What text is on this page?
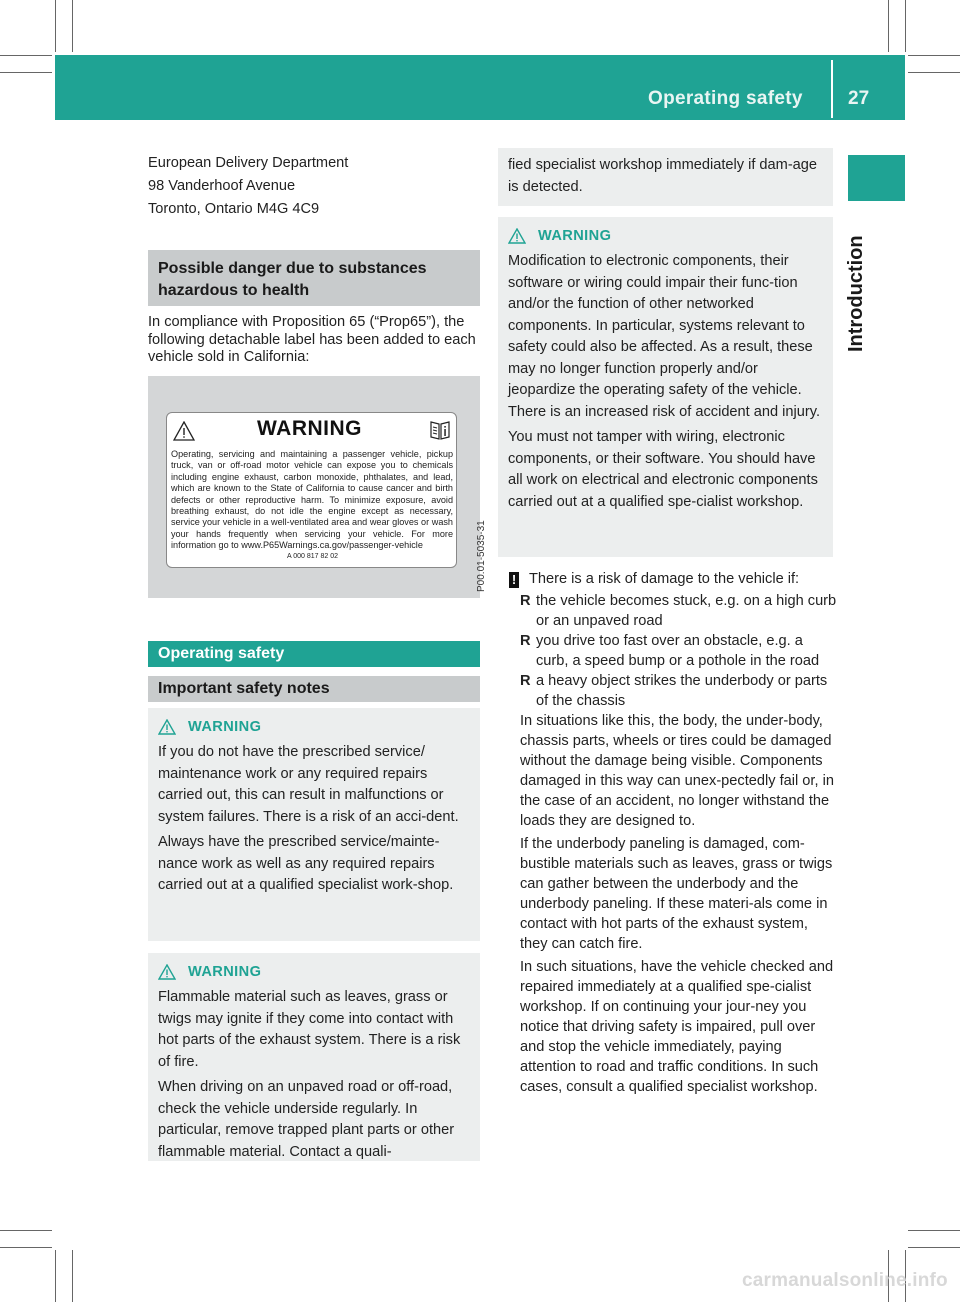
Operating safety 27
Introduction
European Delivery Department
98 Vanderhoof Avenue
Toronto, Ontario M4G 4C9
Possible danger due to substances
hazardous to health
In compliance with Proposition 65 (“Prop65”), the following detachable label has been added to each vehicle sold in California:
WARNING
Operating, servicing and maintaining a passenger vehicle, pickup truck, van or off-road motor vehicle can expose you to chemicals including engine exhaust, carbon monoxide, phthalates, and lead, which are known to the State of California to cause cancer and birth defects or other reproductive harm. To minimize exposure, avoid breathing exhaust, do not idle the engine except as necessary, service your vehicle in a well-ventilated area and wear gloves or wash your hands frequently when servicing your vehicle. For more information go to www.P65Warnings.ca.gov/passenger-vehicle
A 000 817 82 02	P00.01-5035-31
Operating safety
Important safety notes
WARNING
If you do not have the prescribed service/ maintenance work or any required repairs carried out, this can result in malfunctions or system failures. There is a risk of an acci-dent.
Always have the prescribed service/mainte-nance work as well as any required repairs carried out at a qualified specialist work-shop.
WARNING
Flammable material such as leaves, grass or twigs may ignite if they come into contact with hot parts of the exhaust system. There is a risk of fire.
When driving on an unpaved road or off-road, check the vehicle underside regularly. In particular, remove trapped plant parts or other flammable material. Contact a quali-
fied specialist workshop immediately if dam-age is detected.
WARNING
Modification to electronic components, their software or wiring could impair their func-tion and/or the function of other networked components. In particular, systems relevant to safety could also be affected. As a result, these may no longer function properly and/or jeopardize the operating safety of the vehicle. There is an increased risk of accident and injury.
You must not tamper with wiring, electronic components, or their software. You should have all work on electrical and electronic components carried out at a qualified spe-cialist workshop.
! There is a risk of damage to the vehicle if:
R the vehicle becomes stuck, e.g. on a high curb or an unpaved road
R you drive too fast over an obstacle, e.g. a curb, a speed bump or a pothole in the road
R a heavy object strikes the underbody or parts of the chassis
In situations like this, the body, the under-body, chassis parts, wheels or tires could be damaged without the damage being visible. Components damaged in this way can unex-pectedly fail or, in the case of an accident, no longer withstand the loads they are designed to.
If the underbody paneling is damaged, com-bustible materials such as leaves, grass or twigs can gather between the underbody and the underbody paneling. If these materi-als come in contact with hot parts of the exhaust system, they can catch fire.
In such situations, have the vehicle checked and repaired immediately at a qualified spe-cialist workshop. If on continuing your jour-ney you notice that driving safety is impaired, pull over and stop the vehicle immediately, paying attention to road and traffic conditions. In such cases, consult a qualified specialist workshop.
carmanualsonline.info
